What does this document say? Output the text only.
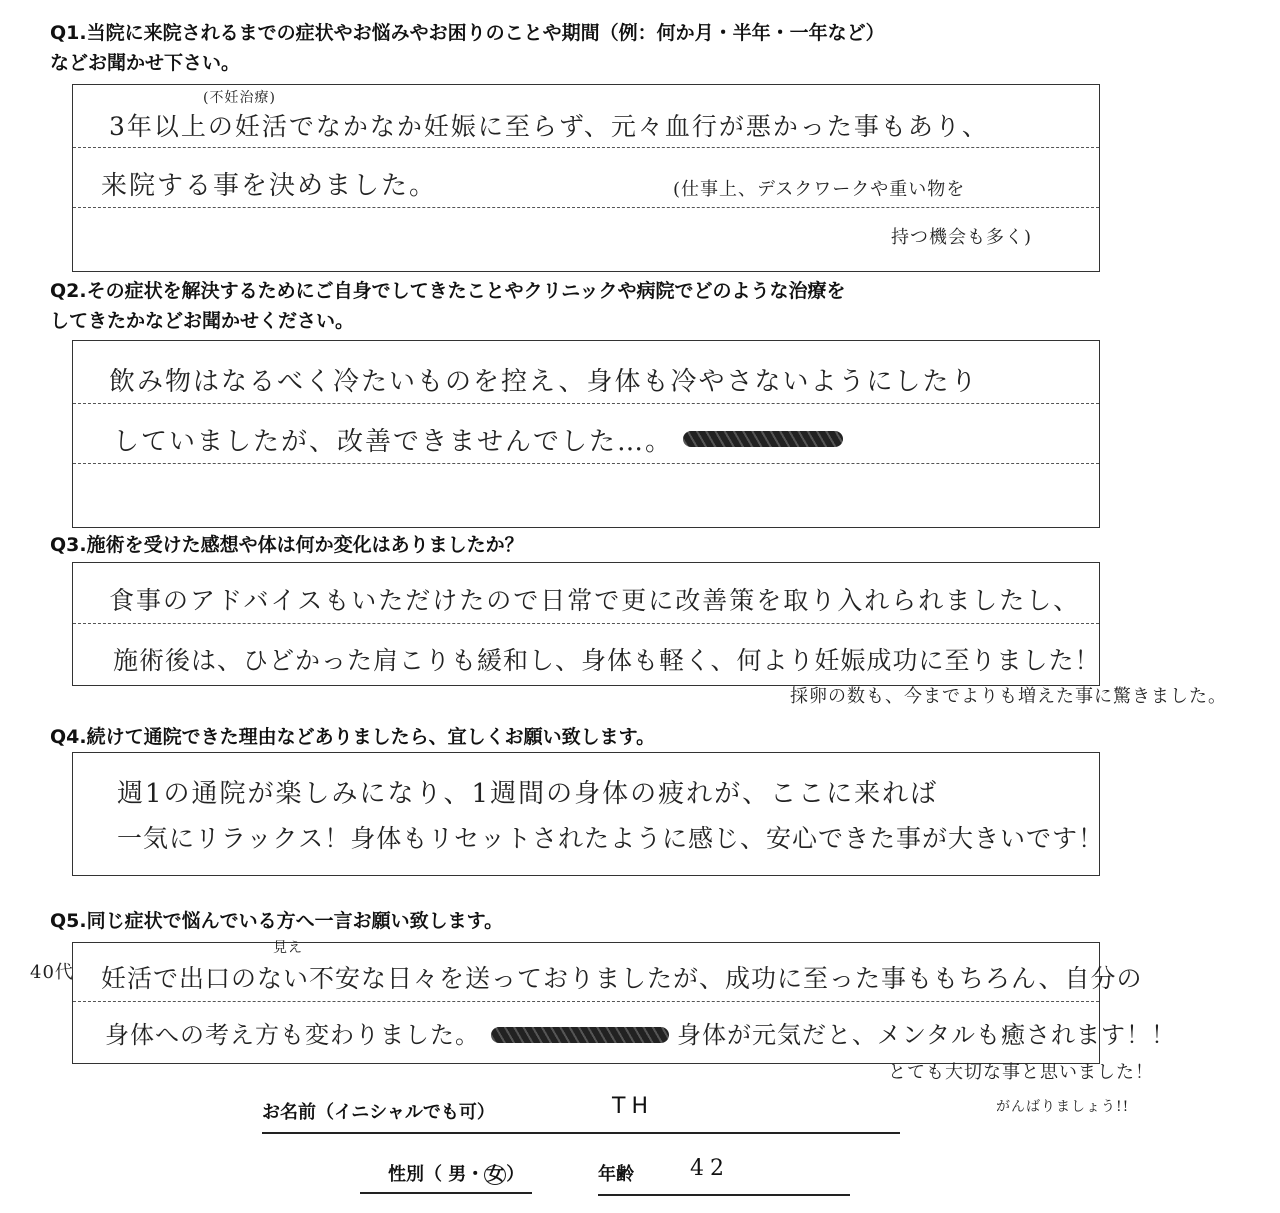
Q1.当院に来院されるまでの症状やお悩みやお困りのことや期間（例：何か月・半年・一年など）
などお聞かせ下さい。
(不妊治療)
3年以上の妊活でなかなか妊娠に至らず、元々血行が悪かった事もあり、
来院する事を決めました。	(仕事上、デスクワークや重い物を
持つ機会も多く)
Q2.その症状を解決するためにご自身でしてきたことやクリニックや病院でどのような治療を
してきたかなどお聞かせください。
飲み物はなるべく冷たいものを控え、身体も冷やさないようにしたり
していましたが、改善できませんでした…。
Q3.施術を受けた感想や体は何か変化はありましたか？
食事のアドバイスもいただけたので日常で更に改善策を取り入れられましたし、
施術後は、ひどかった肩こりも緩和し、身体も軽く、何より妊娠成功に至りました！
採卵の数も、今までよりも増えた事に驚きました。
Q4.続けて通院できた理由などありましたら、宜しくお願い致します。
週1の通院が楽しみになり、1週間の身体の疲れが、ここに来れば
一気にリラックス！身体もリセットされたように感じ、安心できた事が大きいです！
Q5.同じ症状で悩んでいる方へ一言お願い致します。
見え
妊活で出口のない不安な日々を送っておりましたが、成功に至った事ももちろん、自分の
身体への考え方も変わりました。	身体が元気だと、メンタルも癒されます！！
40代
とても大切な事と思いました！
がんばりましょう!!
お名前（イニシャルでも可）	TH
性別（ 男・ 女 ）	年齢	42
